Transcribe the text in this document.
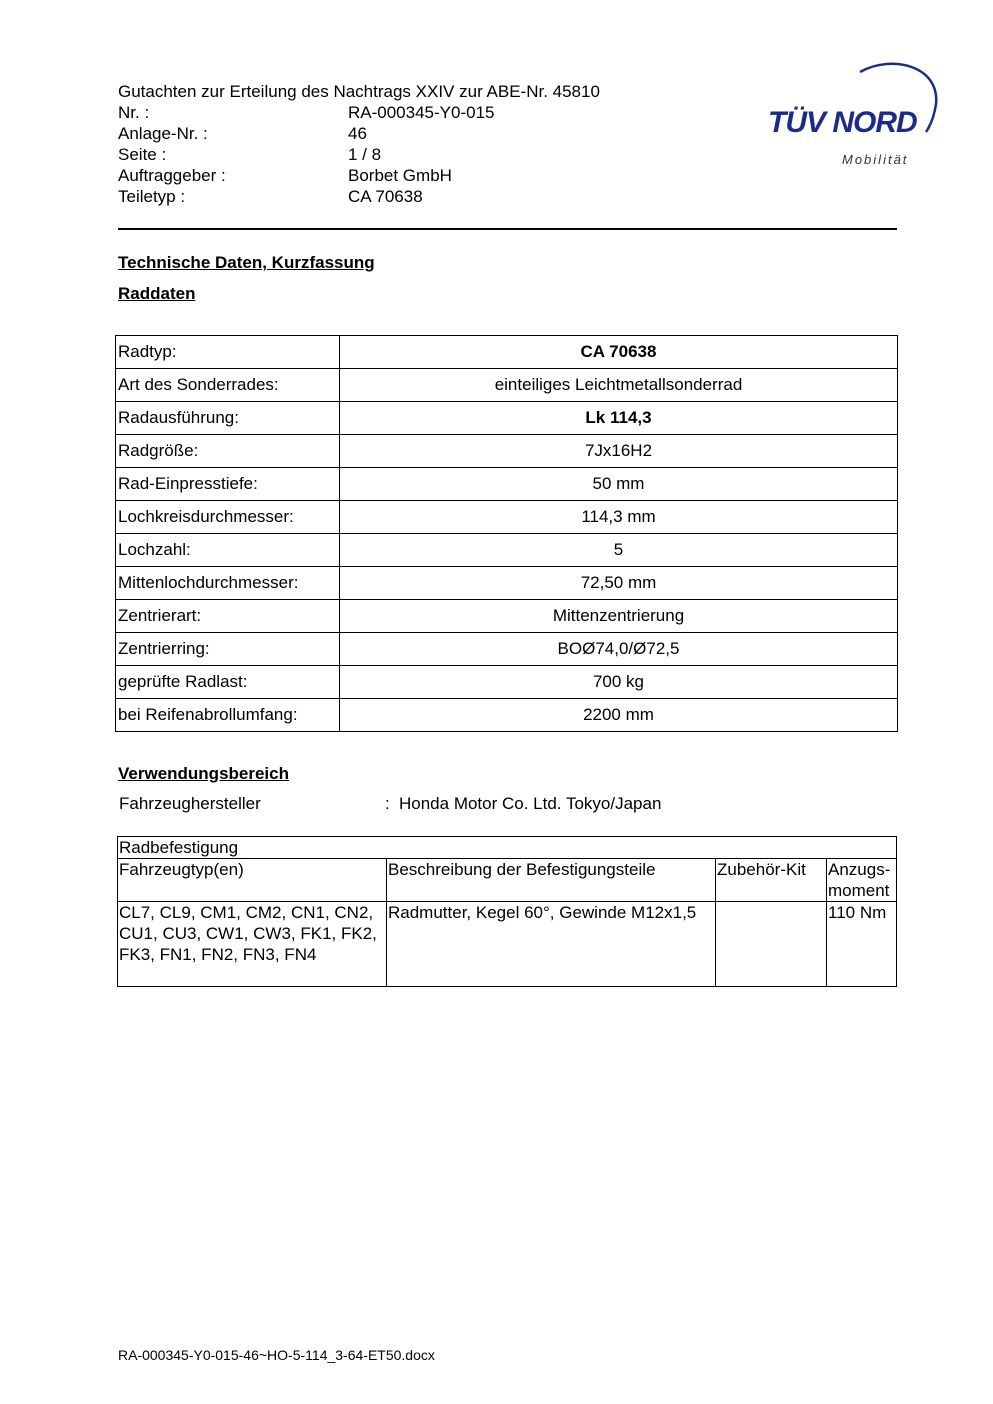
Gutachten zur Erteilung des Nachtrags XXIV zur ABE-Nr. 45810
Nr. :	RA-000345-Y0-015
Anlage-Nr. :	46
Seite :	1 / 8
Auftraggeber :	Borbet GmbH
Teiletyp :	CA 70638
TÜV NORD
Mobilität
Technische Daten, Kurzfassung
Raddaten
Radtyp:	CA 70638
Art des Sonderrades:	einteiliges Leichtmetallsonderrad
Radausführung:	Lk 114,3
Radgröße:	7Jx16H2
Rad-Einpresstiefe:	50 mm
Lochkreisdurchmesser:	114,3 mm
Lochzahl:	5
Mittenlochdurchmesser:	72,50 mm
Zentrierart:	Mittenzentrierung
Zentrierring:	BOØ74,0/Ø72,5
geprüfte Radlast:	700 kg
bei Reifenabrollumfang:	2200 mm
Verwendungsbereich
Fahrzeughersteller	: Honda Motor Co. Ltd. Tokyo/Japan
Radbefestigung			
Fahrzeugtyp(en)	Beschreibung der Befestigungsteile	Zubehör-Kit	Anzugs-
moment
CL7, CL9, CM1, CM2, CN1, CN2, CU1, CU3, CW1, CW3, FK1, FK2, FK3, FN1, FN2, FN3, FN4	Radmutter, Kegel 60°, Gewinde M12x1,5		110 Nm
RA-000345-Y0-015-46~HO-5-114_3-64-ET50.docx
